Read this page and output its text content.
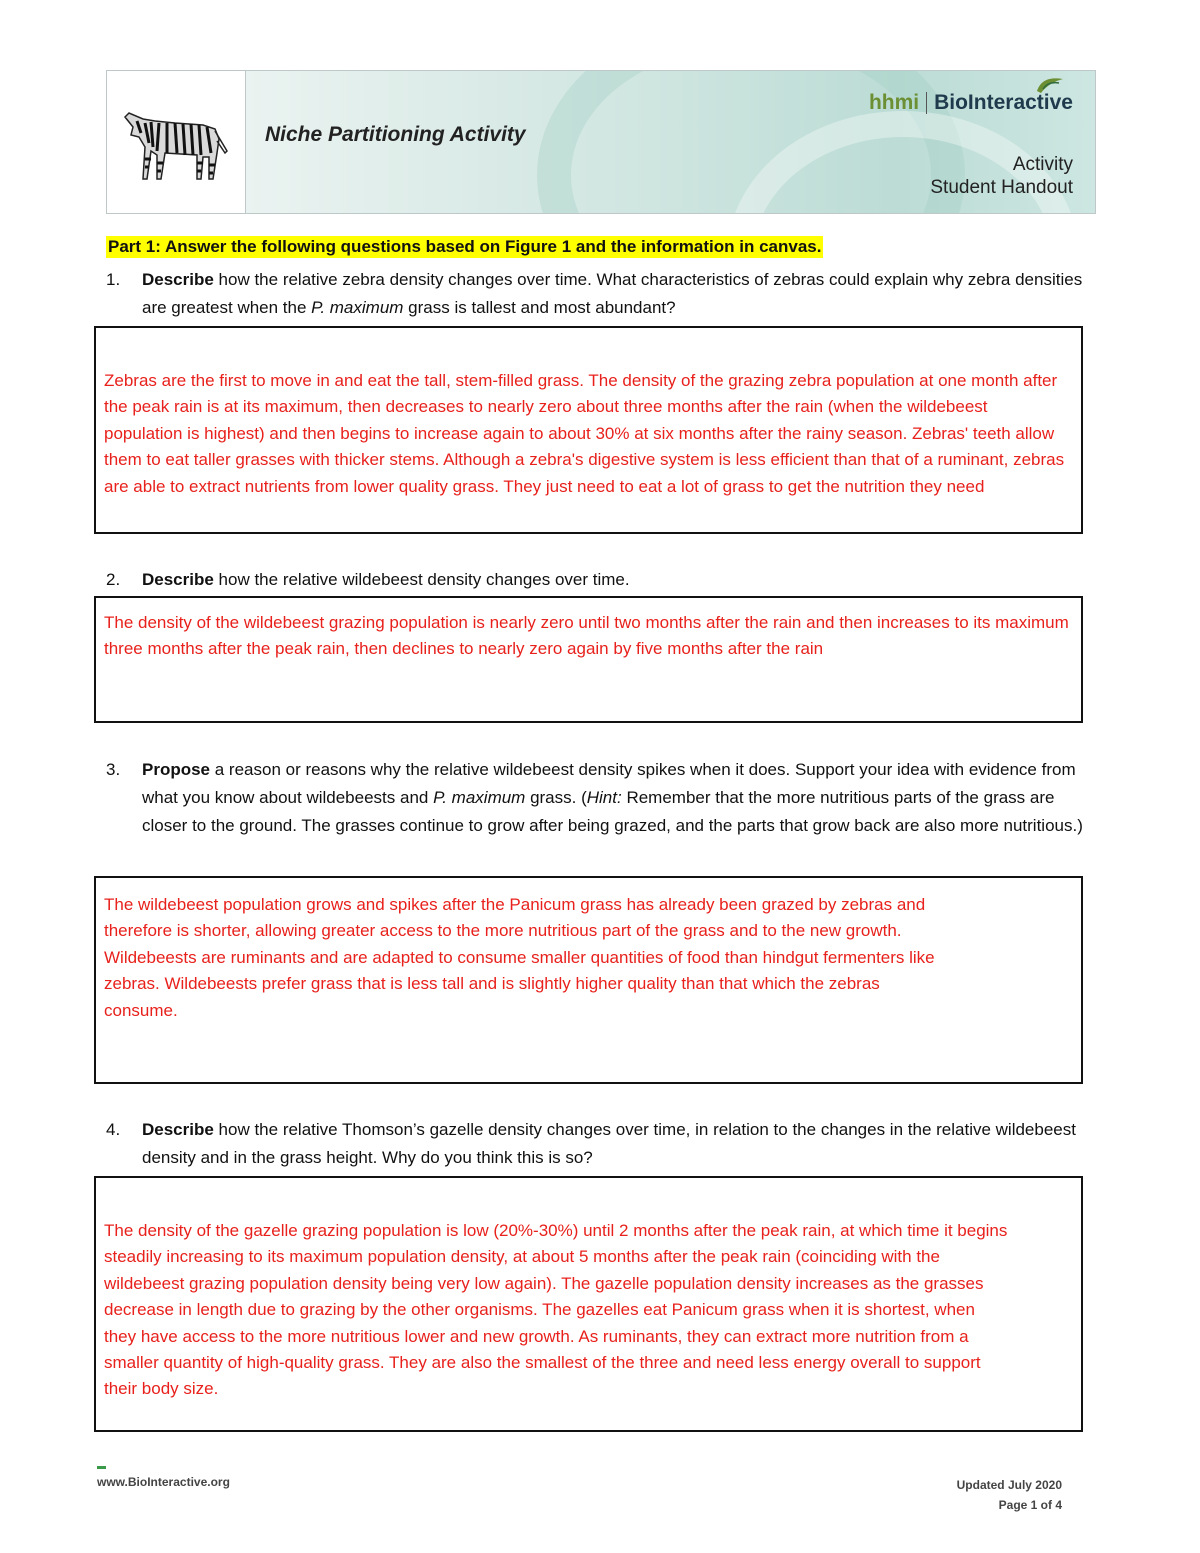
Niche Partitioning Activity
hhmi BioInteractive
Activity
Student Handout
Part 1: Answer the following questions based on Figure 1 and the information in canvas.
1.	Describe how the relative zebra density changes over time. What characteristics of zebras could explain why zebra densities are greatest when the P. maximum grass is tallest and most abundant?
Zebras are the first to move in and eat the tall, stem-filled grass. The density of the grazing zebra population at one month after the peak rain is at its maximum, then decreases to nearly zero about three months after the rain (when the wildebeest population is highest) and then begins to increase again to about 30% at six months after the rainy season. Zebras' teeth allow them to eat taller grasses with thicker stems. Although a zebra's digestive system is less efficient than that of a ruminant, zebras are able to extract nutrients from lower quality grass. They just need to eat a lot of grass to get the nutrition they need
2.	Describe how the relative wildebeest density changes over time.
The density of the wildebeest grazing population is nearly zero until two months after the rain and then increases to its maximum three months after the peak rain, then declines to nearly zero again by five months after the rain
3.	Propose a reason or reasons why the relative wildebeest density spikes when it does. Support your idea with evidence from what you know about wildebeests and P. maximum grass. (Hint: Remember that the more nutritious parts of the grass are closer to the ground. The grasses continue to grow after being grazed, and the parts that grow back are also more nutritious.)
The wildebeest population grows and spikes after the Panicum grass has already been grazed by zebras and therefore is shorter, allowing greater access to the more nutritious part of the grass and to the new growth. Wildebeests are ruminants and are adapted to consume smaller quantities of food than hindgut fermenters like zebras. Wildebeests prefer grass that is less tall and is slightly higher quality than that which the zebras consume.
4.	Describe how the relative Thomson’s gazelle density changes over time, in relation to the changes in the relative wildebeest density and in the grass height. Why do you think this is so?
The density of the gazelle grazing population is low (20%-30%) until 2 months after the peak rain, at which time it begins steadily increasing to its maximum population density, at about 5 months after the peak rain (coinciding with the wildebeest grazing population density being very low again). The gazelle population density increases as the grasses decrease in length due to grazing by the other organisms. The gazelles eat Panicum grass when it is shortest, when they have access to the more nutritious lower and new growth. As ruminants, they can extract more nutrition from a smaller quantity of high-quality grass. They are also the smallest of the three and need less energy overall to support their body size.
www.BioInteractive.org	Updated July 2020
Page 1 of 4
